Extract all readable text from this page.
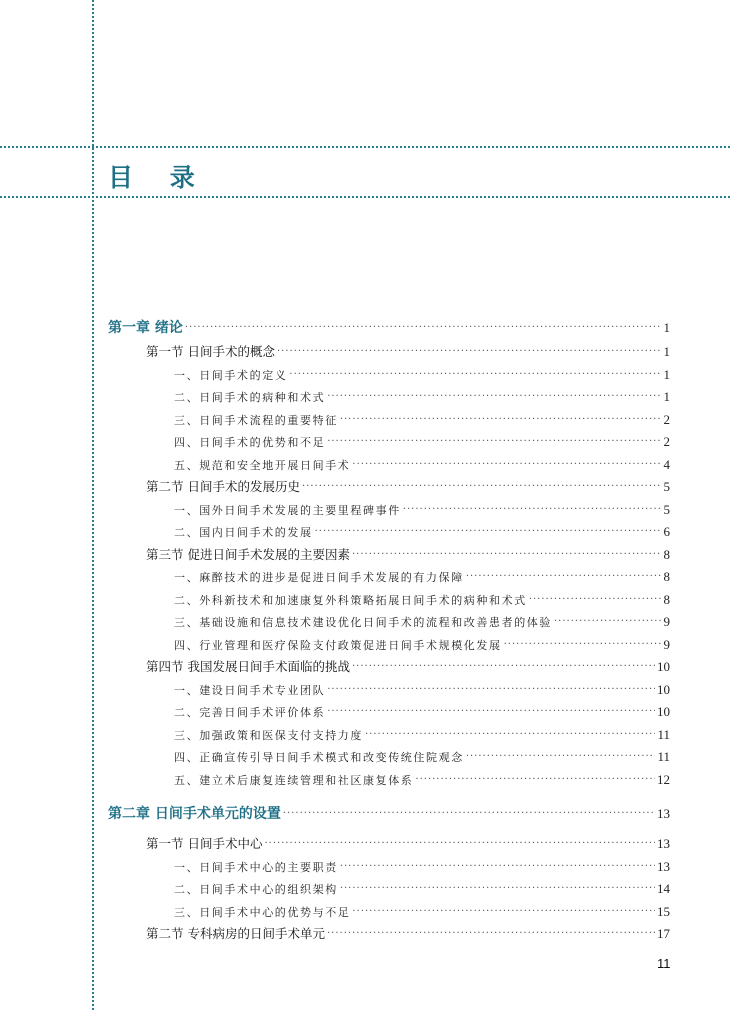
目 录
第一章 绪论 ·····	1
第一节 日间手术的概念 ·····	1
一、日间手术的定义 ·····	1
二、日间手术的病种和术式 ·····	1
三、日间手术流程的重要特征 ·····	2
四、日间手术的优势和不足 ·····	2
五、规范和安全地开展日间手术 ·····	4
第二节 日间手术的发展历史 ·····	5
一、国外日间手术发展的主要里程碑事件 ·····	5
二、国内日间手术的发展 ·····	6
第三节 促进日间手术发展的主要因素 ·····	8
一、麻醉技术的进步是促进日间手术发展的有力保障 ·····	8
二、外科新技术和加速康复外科策略拓展日间手术的病种和术式 ·····	8
三、基础设施和信息技术建设优化日间手术的流程和改善患者的体验 ·····	9
四、行业管理和医疗保险支付政策促进日间手术规模化发展 ·····	9
第四节 我国发展日间手术面临的挑战 ·····	10
一、建设日间手术专业团队 ·····	10
二、完善日间手术评价体系 ·····	10
三、加强政策和医保支付支持力度 ·····	11
四、正确宣传引导日间手术模式和改变传统住院观念 ·····	11
五、建立术后康复连续管理和社区康复体系 ·····	12
第二章 日间手术单元的设置 ·····	13
第一节 日间手术中心 ·····	13
一、日间手术中心的主要职责 ·····	13
二、日间手术中心的组织架构 ·····	14
三、日间手术中心的优势与不足 ·····	15
第二节 专科病房的日间手术单元 ·····	17
11
